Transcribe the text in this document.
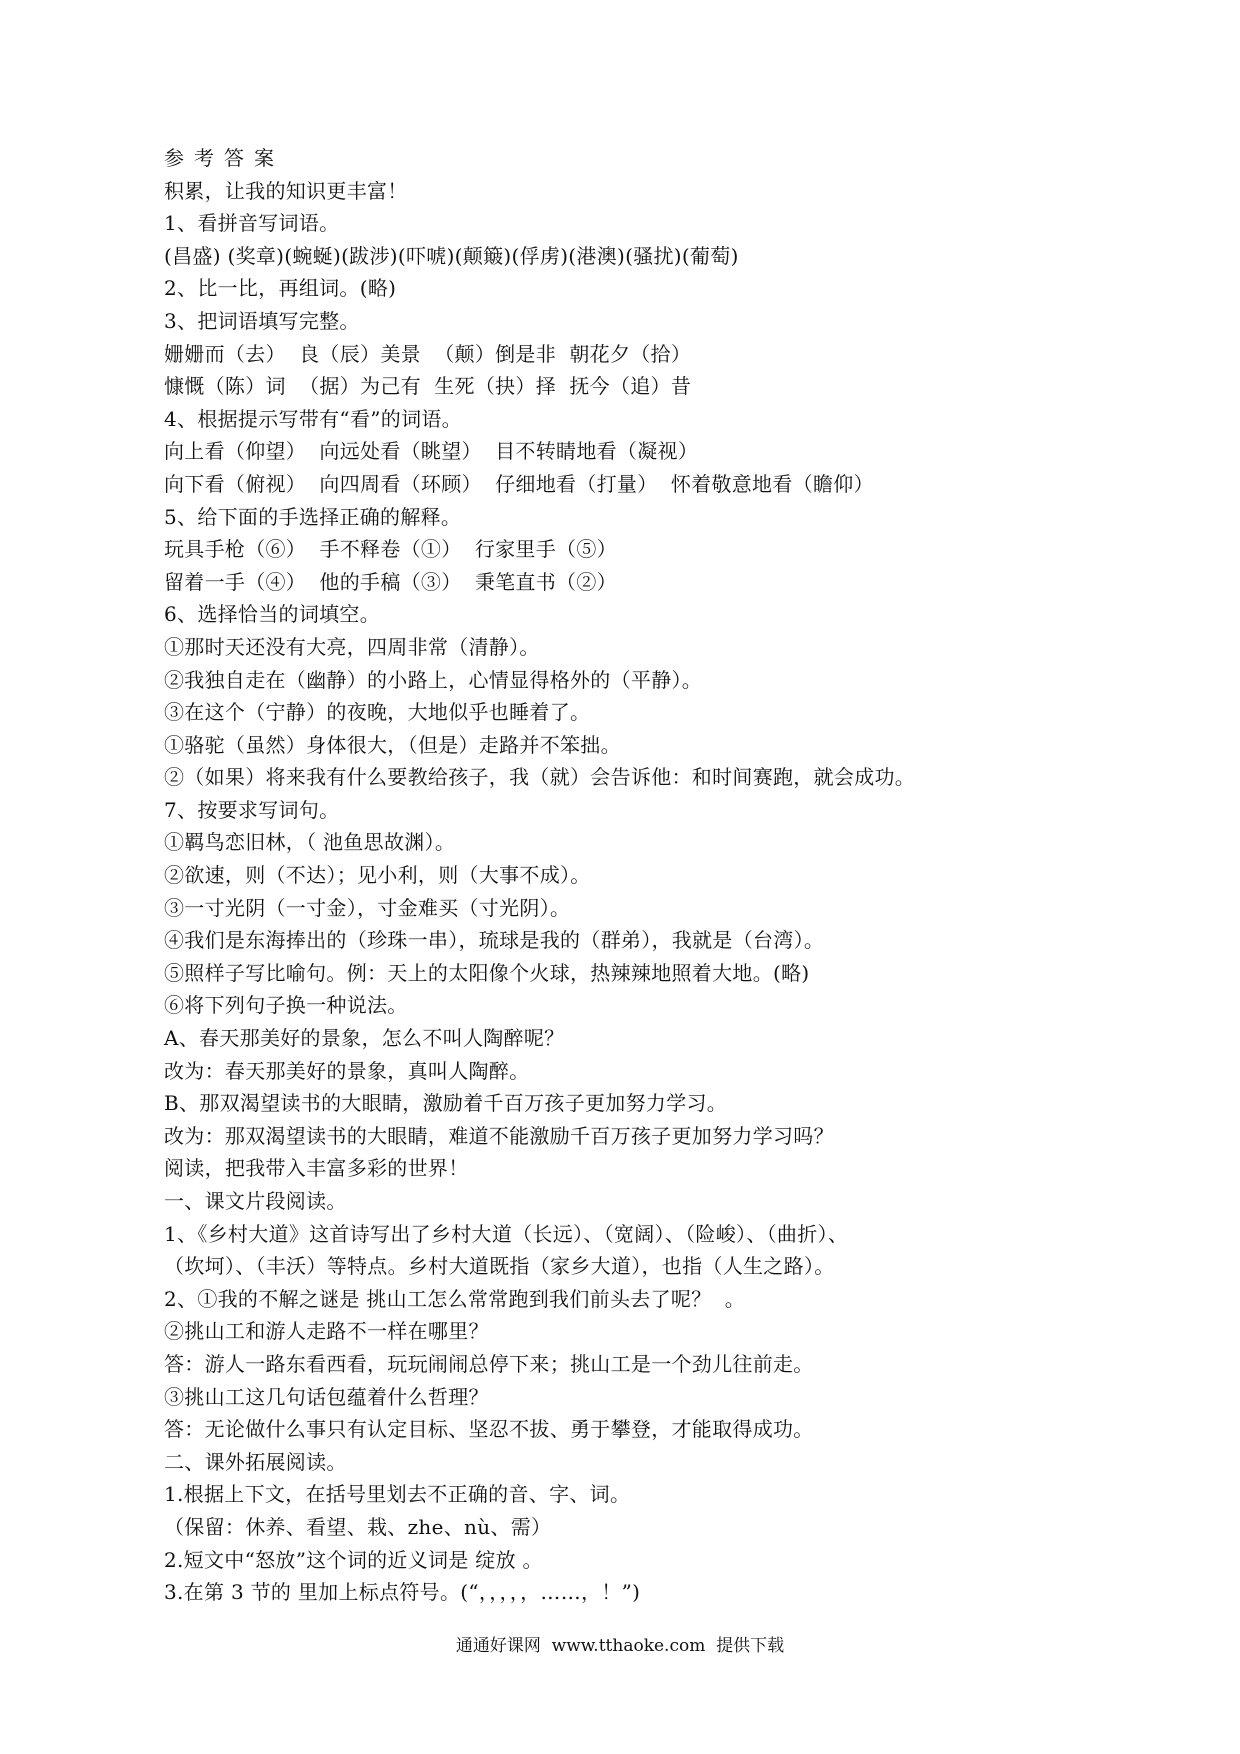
参考答案
积累，让我的知识更丰富！
1、看拼音写词语。
(昌盛) (奖章)(蜿蜒)(跋涉)(吓唬)(颠簸)(俘虏)(港澳)(骚扰)(葡萄)
2、比一比，再组词。(略)
3、把词语填写完整。
姗姗而（去）  良（辰）美景  （颠）倒是非  朝花夕（拾）
慷慨（陈）词  （据）为己有  生死（抉）择  抚今（追）昔
4、根据提示写带有“看”的词语。
向上看（仰望）  向远处看（眺望）  目不转睛地看（凝视）
向下看（俯视）  向四周看（环顾）  仔细地看（打量）  怀着敬意地看（瞻仰）
5、给下面的手选择正确的解释。
玩具手枪（⑥）  手不释卷（①）  行家里手（⑤）
留着一手（④）  他的手稿（③）  秉笔直书（②）
6、选择恰当的词填空。
①那时天还没有大亮，四周非常（清静）。
②我独自走在（幽静）的小路上，心情显得格外的（平静）。
③在这个（宁静）的夜晚，大地似乎也睡着了。
①骆驼（虽然）身体很大，（但是）走路并不笨拙。
②（如果）将来我有什么要教给孩子，我（就）会告诉他：和时间赛跑，就会成功。
7、按要求写词句。
①羁鸟恋旧林，（ 池鱼思故渊）。
②欲速，则（不达）；见小利，则（大事不成）。
③一寸光阴（一寸金），寸金难买（寸光阴）。
④我们是东海捧出的（珍珠一串），琉球是我的（群弟），我就是（台湾）。
⑤照样子写比喻句。例：天上的太阳像个火球，热辣辣地照着大地。(略)
⑥将下列句子换一种说法。
A、春天那美好的景象，怎么不叫人陶醉呢？
改为：春天那美好的景象，真叫人陶醉。
B、那双渴望读书的大眼睛，激励着千百万孩子更加努力学习。
改为：那双渴望读书的大眼睛，难道不能激励千百万孩子更加努力学习吗？
阅读，把我带入丰富多彩的世界！
一、课文片段阅读。
1、《乡村大道》这首诗写出了乡村大道（长远）、（宽阔）、（险峻）、（曲折）、
（坎坷）、（丰沃）等特点。乡村大道既指（家乡大道），也指（人生之路）。
2、①我的不解之谜是 挑山工怎么常常跑到我们前头去了呢？  。
②挑山工和游人走路不一样在哪里？
答：游人一路东看西看，玩玩闹闹总停下来；挑山工是一个劲儿往前走。
③挑山工这几句话包蕴着什么哲理？
答：无论做什么事只有认定目标、坚忍不拔、勇于攀登，才能取得成功。
二、课外拓展阅读。
1.根据上下文，在括号里划去不正确的音、字、词。
（保留：休养、看望、栽、zhe、nù、需）
2.短文中“怒放”这个词的近义词是 绽放 。
3.在第 3 节的 里加上标点符号。(“，，，，，……，！”)
通通好课网  www.tthaoke.com  提供下载
